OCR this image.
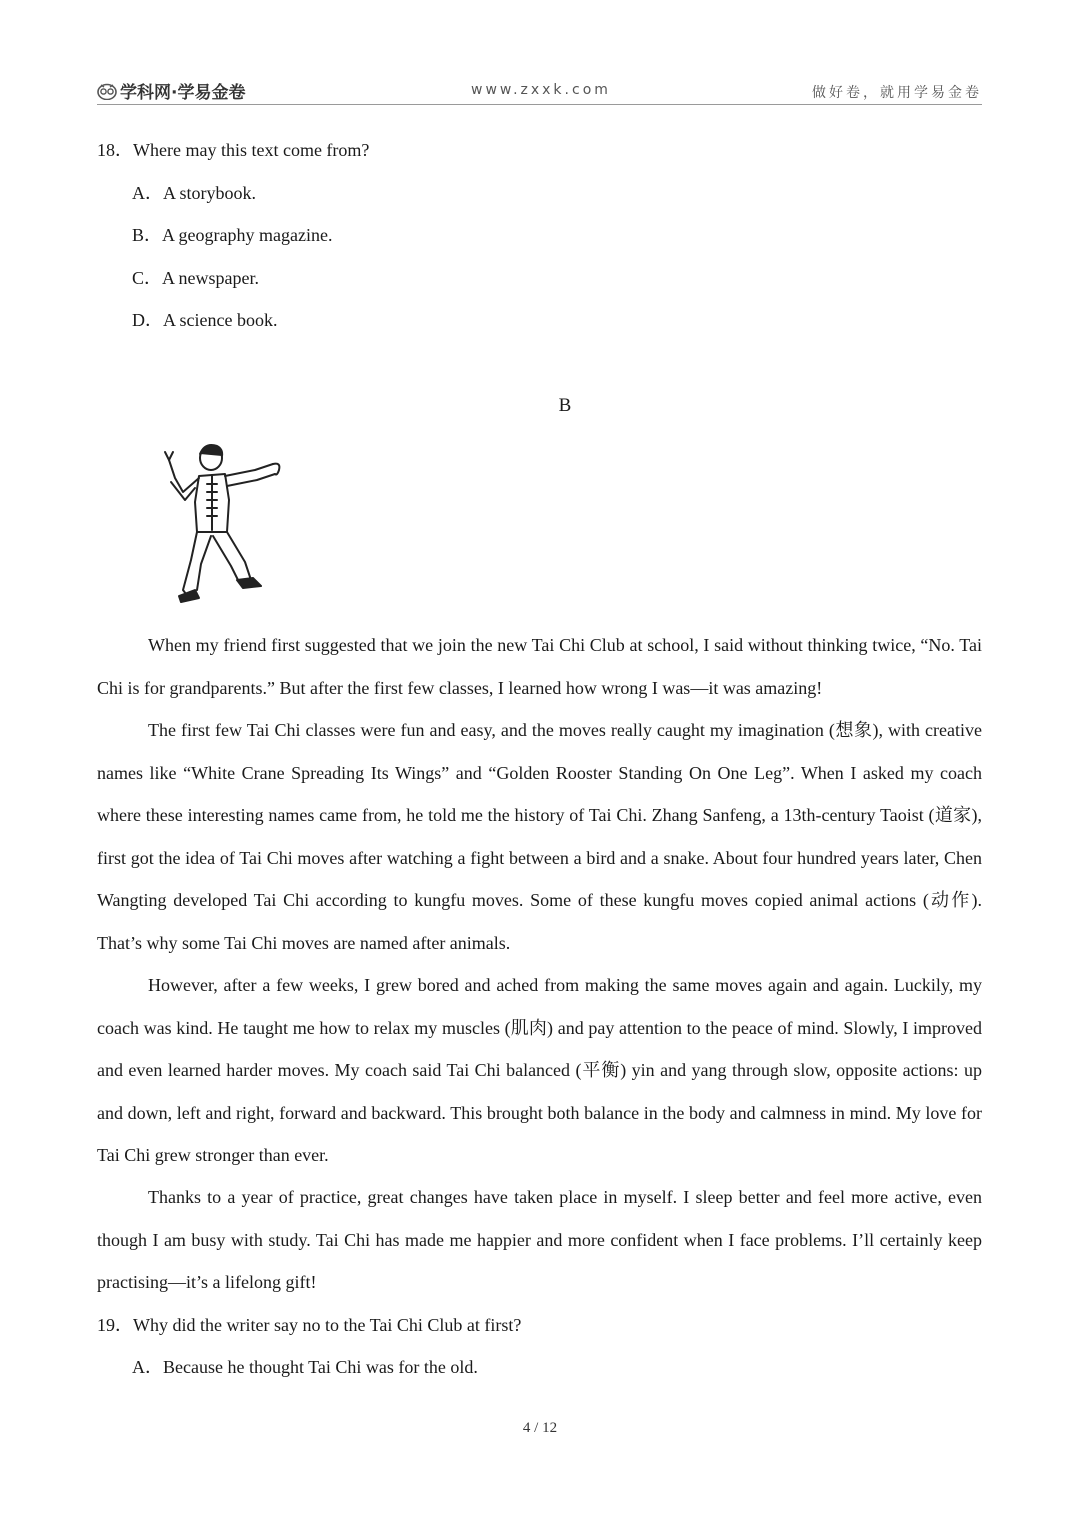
学科网·学易金卷	www.zxxk.com	做好卷，就用学易金卷
18．Where may this text come from?
A．A storybook.
B．A geography magazine.
C．A newspaper.
D．A science book.
B

When my friend first suggested that we join the new Tai Chi Club at school, I said without thinking twice, “No. Tai Chi is for grandparents.” But after the first few classes, I learned how wrong I was—it was amazing!

The first few Tai Chi classes were fun and easy, and the moves really caught my imagination (想象), with creative names like “White Crane Spreading Its Wings” and “Golden Rooster Standing On One Leg”. When I asked my coach where these interesting names came from, he told me the history of Tai Chi. Zhang Sanfeng, a 13th-century Taoist (道家), first got the idea of Tai Chi moves after watching a fight between a bird and a snake. About four hundred years later, Chen Wangting developed Tai Chi according to kungfu moves. Some of these kungfu moves copied animal actions (动作). That’s why some Tai Chi moves are named after animals.

However, after a few weeks, I grew bored and ached from making the same moves again and again. Luckily, my coach was kind. He taught me how to relax my muscles (肌肉) and pay attention to the peace of mind. Slowly, I improved and even learned harder moves. My coach said Tai Chi balanced (平衡) yin and yang through slow, opposite actions: up and down, left and right, forward and backward. This brought both balance in the body and calmness in mind. My love for Tai Chi grew stronger than ever.

Thanks to a year of practice, great changes have taken place in myself. I sleep better and feel more active, even though I am busy with study. Tai Chi has made me happier and more confident when I face problems. I’ll certainly keep practising—it’s a lifelong gift!

19．Why did the writer say no to the Tai Chi Club at first?
A．Because he thought Tai Chi was for the old.
4 / 12
